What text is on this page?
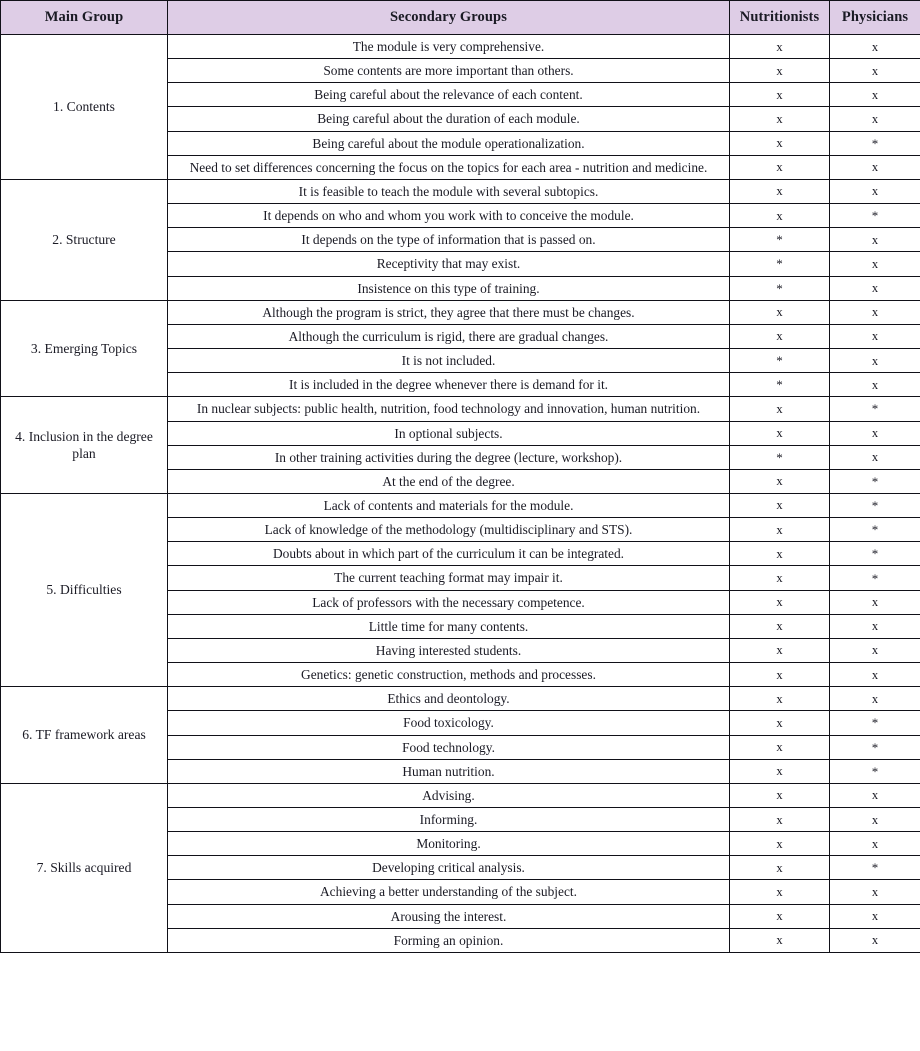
Main Group	Secondary Groups	Nutritionists	Physicians
1. Contents	The module is very comprehensive.	x	x
	Some contents are more important than others.	x	x
	Being careful about the relevance of each content.	x	x
	Being careful about the duration of each module.	x	x
	Being careful about the module operationalization.	x	*
	Need to set differences concerning the focus on the topics for each area - nutrition and medicine.	x	x
2. Structure	It is feasible to teach the module with several subtopics.	x	x
	It depends on who and whom you work with to conceive the module.	x	*
	It depends on the type of information that is passed on.	*	x
	Receptivity that may exist.	*	x
	Insistence on this type of training.	*	x
3. Emerging Topics	Although the program is strict, they agree that there must be changes.	x	x
	Although the curriculum is rigid, there are gradual changes.	x	x
	It is not included.	*	x
	It is included in the degree whenever there is demand for it.	*	x
4. Inclusion in the degree plan	In nuclear subjects: public health, nutrition, food technology and innovation, human nutrition.	x	*
	In optional subjects.	x	x
	In other training activities during the degree (lecture, workshop).	*	x
	At the end of the degree.	x	*
5. Difficulties	Lack of contents and materials for the module.	x	*
	Lack of knowledge of the methodology (multidisciplinary and STS).	x	*
	Doubts about in which part of the curriculum it can be integrated.	x	*
	The current teaching format may impair it.	x	*
	Lack of professors with the necessary competence.	x	x
	Little time for many contents.	x	x
	Having interested students.	x	x
	Genetics: genetic construction, methods and processes.	x	x
6. TF framework areas	Ethics and deontology.	x	x
	Food toxicology.	x	*
	Food technology.	x	*
	Human nutrition.	x	*
7. Skills acquired	Advising.	x	x
	Informing.	x	x
	Monitoring.	x	x
	Developing critical analysis.	x	*
	Achieving a better understanding of the subject.	x	x
	Arousing the interest.	x	x
	Forming an opinion.	x	x
